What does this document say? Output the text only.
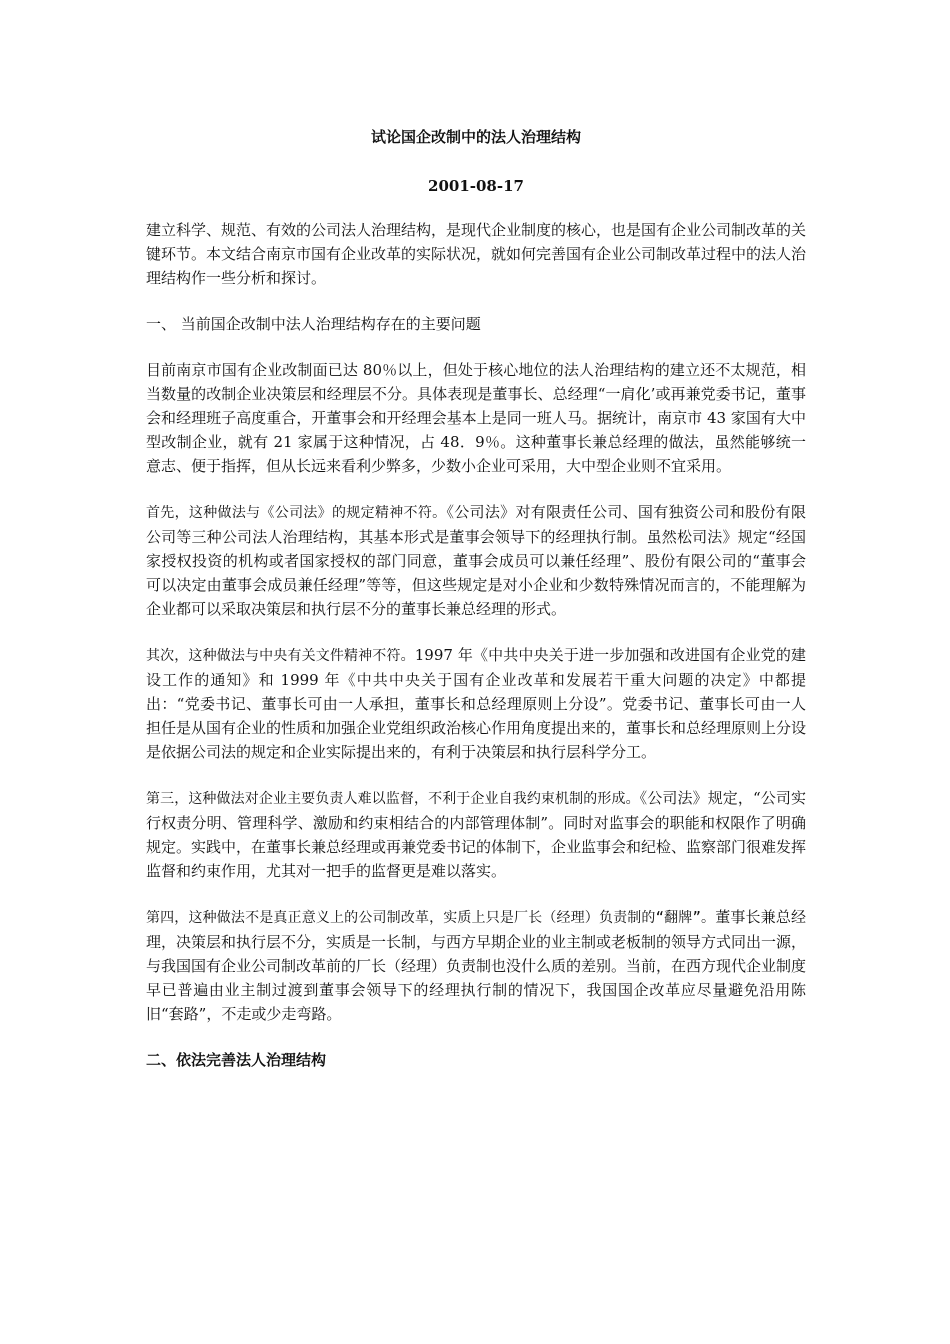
试论国企改制中的法人治理结构
2001-08-17

建立科学、规范、有效的公司法人治理结构，是现代企业制度的核心，也是国有企业公司制改革的关键环节。本文结合南京市国有企业改革的实际状况，就如何完善国有企业公司制改革过程中的法人治理结构作一些分析和探讨。

一、 当前国企改制中法人治理结构存在的主要问题

目前南京市国有企业改制面已达 80％以上，但处于核心地位的法人治理结构的建立还不太规范，相当数量的改制企业决策层和经理层不分。具体表现是董事长、总经理“一肩化’或再兼党委书记，董事会和经理班子高度重合，开董事会和开经理会基本上是同一班人马。据统计，南京市 43 家国有大中型改制企业，就有 21 家属于这种情况，占 48．9％。这种董事长兼总经理的做法，虽然能够统一意志、便于指挥，但从长远来看利少弊多，少数小企业可采用，大中型企业则不宜采用。

首先，这种做法与《公司法》的规定精神不符。《公司法》对有限责任公司、国有独资公司和股份有限公司等三种公司法人治理结构，其基本形式是董事会领导下的经理执行制。虽然松司法》规定“经国家授权投资的机构或者国家授权的部门同意，董事会成员可以兼任经理”、股份有限公司的“董事会可以决定由董事会成员兼任经理”等等，但这些规定是对小企业和少数特殊情况而言的，不能理解为企业都可以采取决策层和执行层不分的董事长兼总经理的形式。

其次，这种做法与中央有关文件精神不符。1997 年《中共中央关于进一步加强和改进国有企业党的建设工作的通知》和 1999 年《中共中央关于国有企业改革和发展若干重大问题的决定》中都提出：“党委书记、董事长可由一人承担，董事长和总经理原则上分设”。党委书记、董事长可由一人担任是从国有企业的性质和加强企业党组织政治核心作用角度提出来的，董事长和总经理原则上分设是依据公司法的规定和企业实际提出来的，有利于决策层和执行层科学分工。

第三，这种做法对企业主要负责人难以监督，不利于企业自我约束机制的形成。《公司法》规定，“公司实行权责分明、管理科学、激励和约束相结合的内部管理体制”。同时对监事会的职能和权限作了明确规定。实践中，在董事长兼总经理或再兼党委书记的体制下，企业监事会和纪检、监察部门很难发挥监督和约束作用，尤其对一把手的监督更是难以落实。

第四，这种做法不是真正意义上的公司制改革，实质上只是厂长（经理）负责制的“翻牌”。董事长兼总经理，决策层和执行层不分，实质是一长制，与西方早期企业的业主制或老板制的领导方式同出一源，与我国国有企业公司制改革前的厂长（经理）负责制也没什么质的差别。当前，在西方现代企业制度早已普遍由业主制过渡到董事会领导下的经理执行制的情况下，我国国企改革应尽量避免沿用陈旧“套路”，不走或少走弯路。

二、依法完善法人治理结构
